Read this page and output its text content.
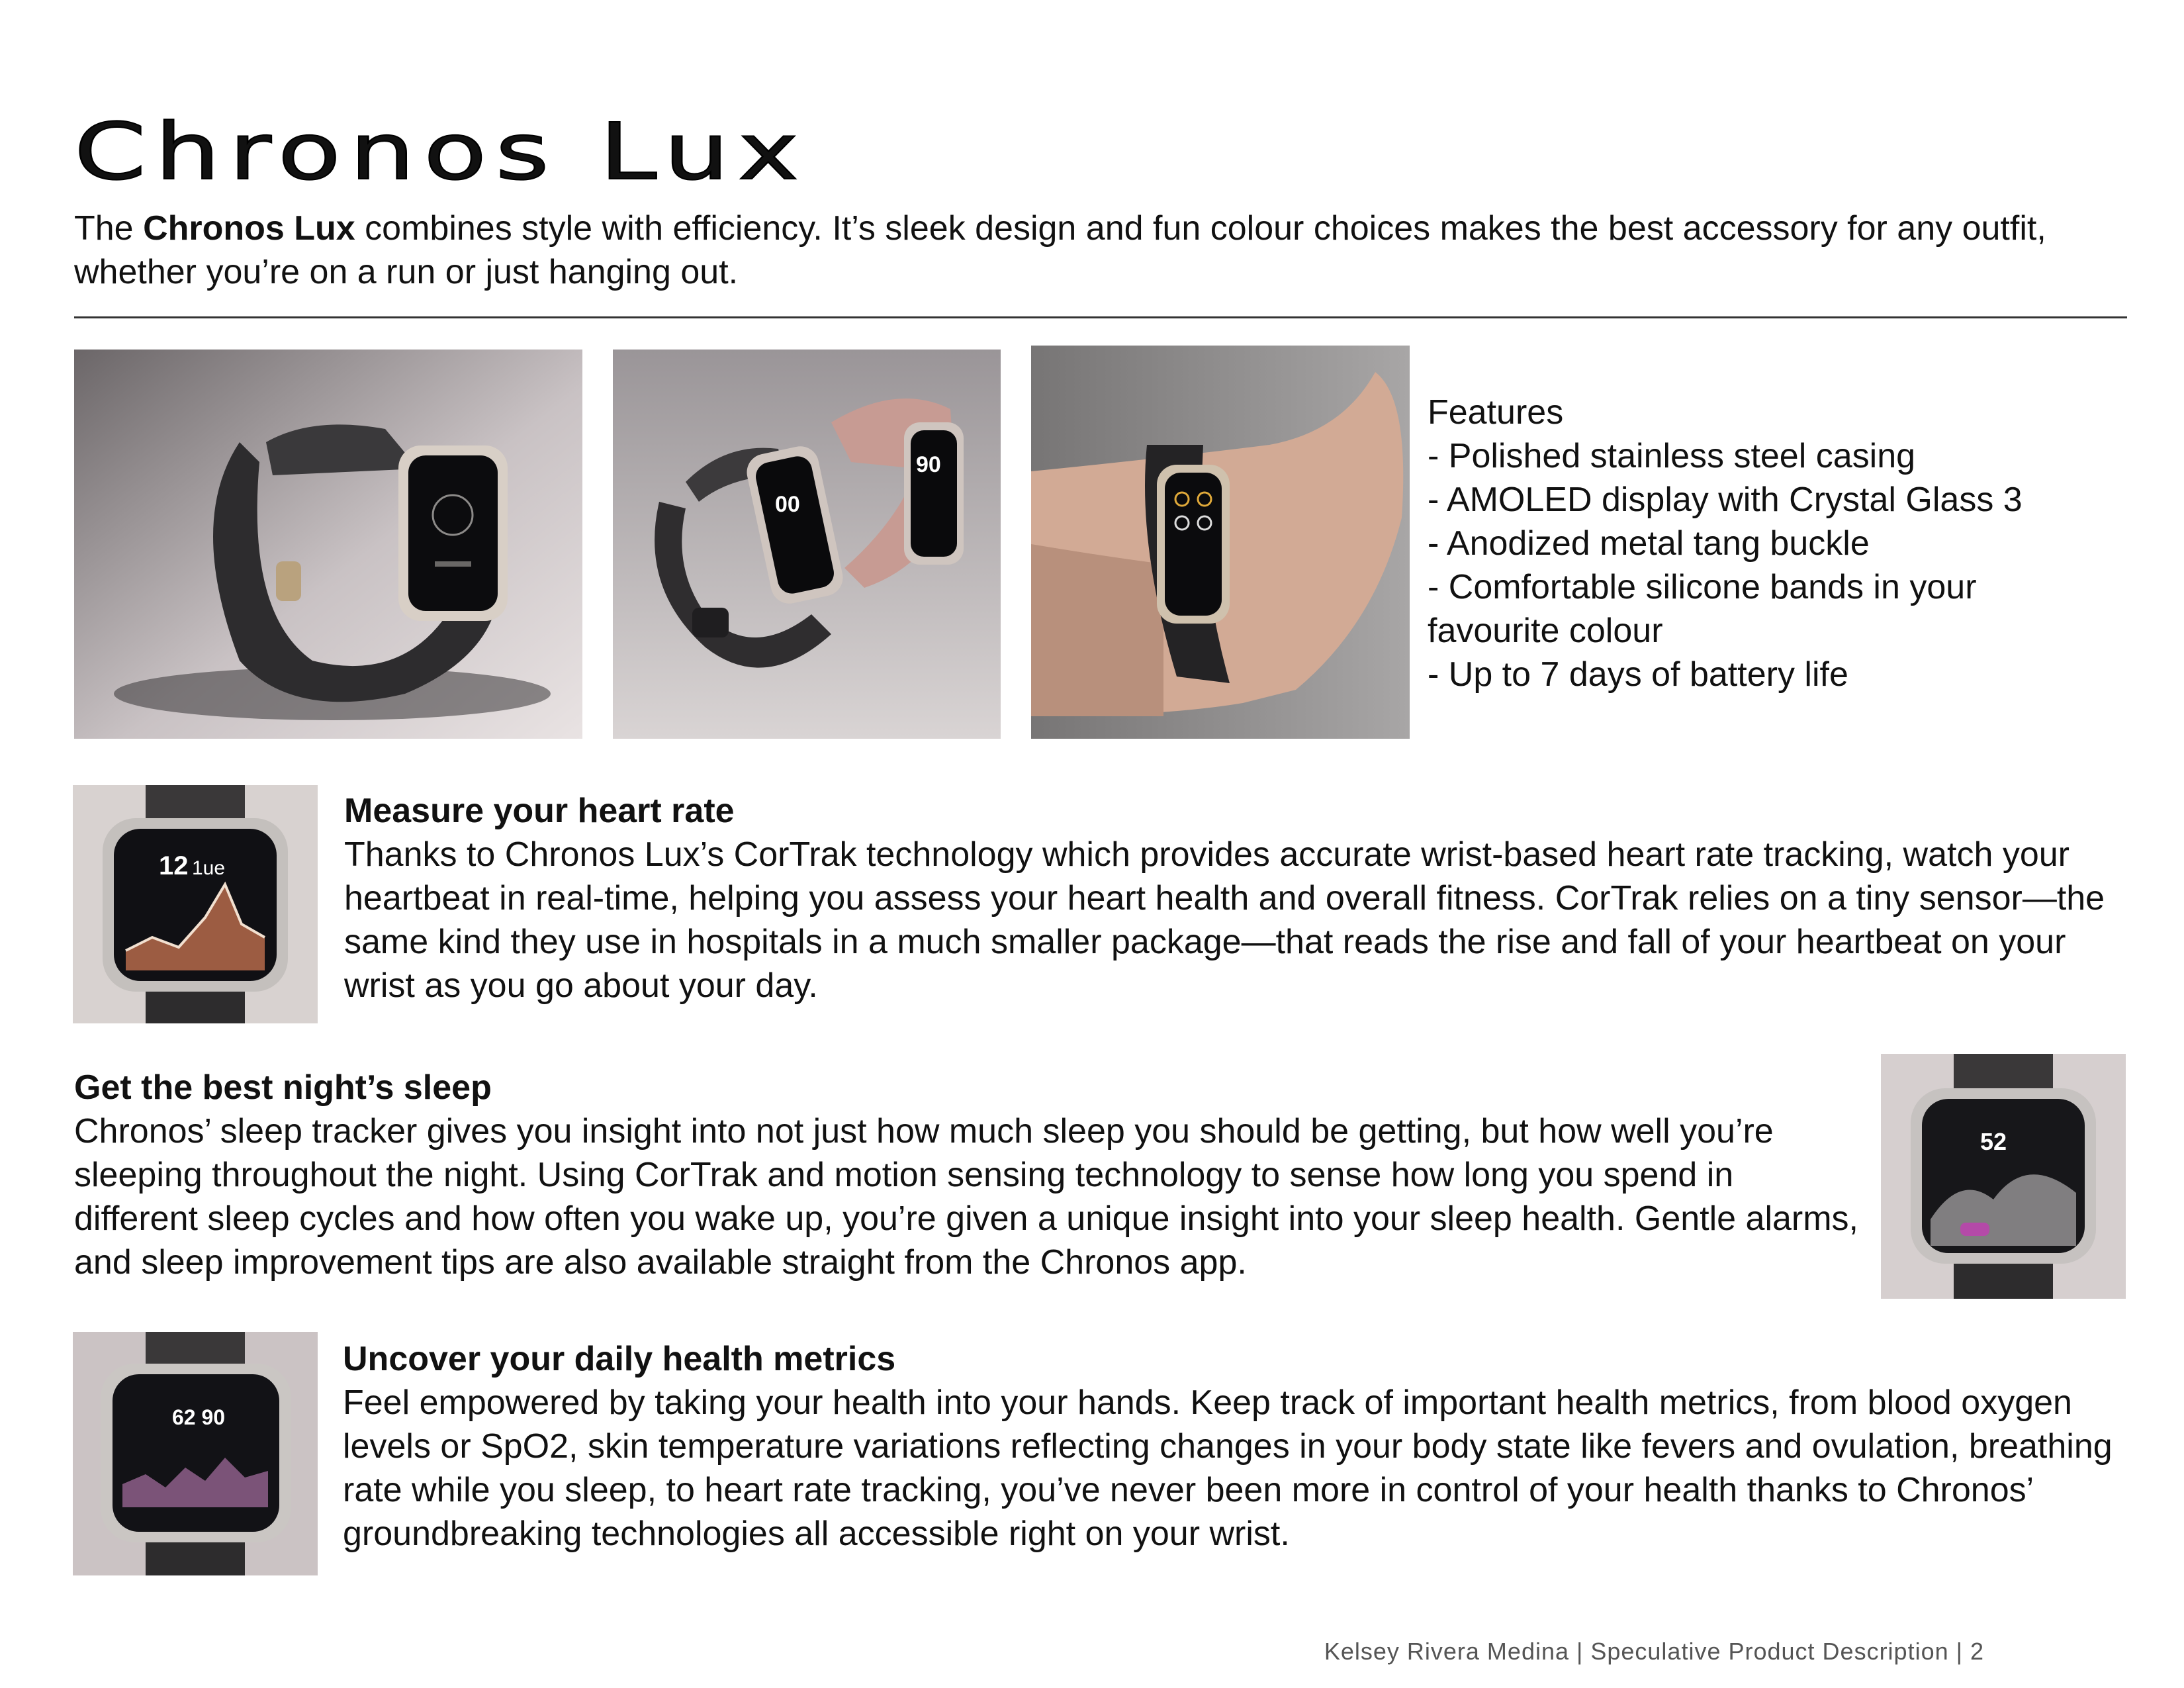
Chronos Lux
The Chronos Lux combines style with efficiency. It’s sleek design and fun colour choices makes the best accessory for any outfit, whether you’re on a run or just hanging out.
00
90
Features
- Polished stainless steel casing
- AMOLED display with Crystal Glass 3
- Anodized metal tang buckle
- Comfortable silicone bands in your favourite colour
- Up to 7 days of battery life
12 1ue
Measure your heart rate
Thanks to Chronos Lux’s CorTrak technology which provides accurate wrist-based heart rate tracking, watch your heartbeat in real-time, helping you assess your heart health and overall fitness. CorTrak relies on a tiny sensor—the same kind they use in hospitals in a much smaller package—that reads the rise and fall of your heartbeat on your wrist as you go about your day.
Get the best night’s sleep
Chronos’ sleep tracker gives you insight into not just how much sleep you should be getting, but how well you’re sleeping throughout the night. Using CorTrak and motion sensing technology to sense how long you spend in different sleep cycles and how often you wake up, you’re given a unique insight into your sleep health. Gentle alarms, and sleep improvement tips are also available straight from the Chronos app.
52
62 90
Uncover your daily health metrics
Feel empowered by taking your health into your hands. Keep track of important health metrics, from blood oxygen levels or SpO2, skin temperature variations reflecting changes in your body state like fevers and ovulation, breathing rate while you sleep, to heart rate tracking, you’ve never been more in control of your health thanks to Chronos’ groundbreaking technologies all accessible right on your wrist.
Kelsey Rivera Medina | Speculative Product Description | 2
